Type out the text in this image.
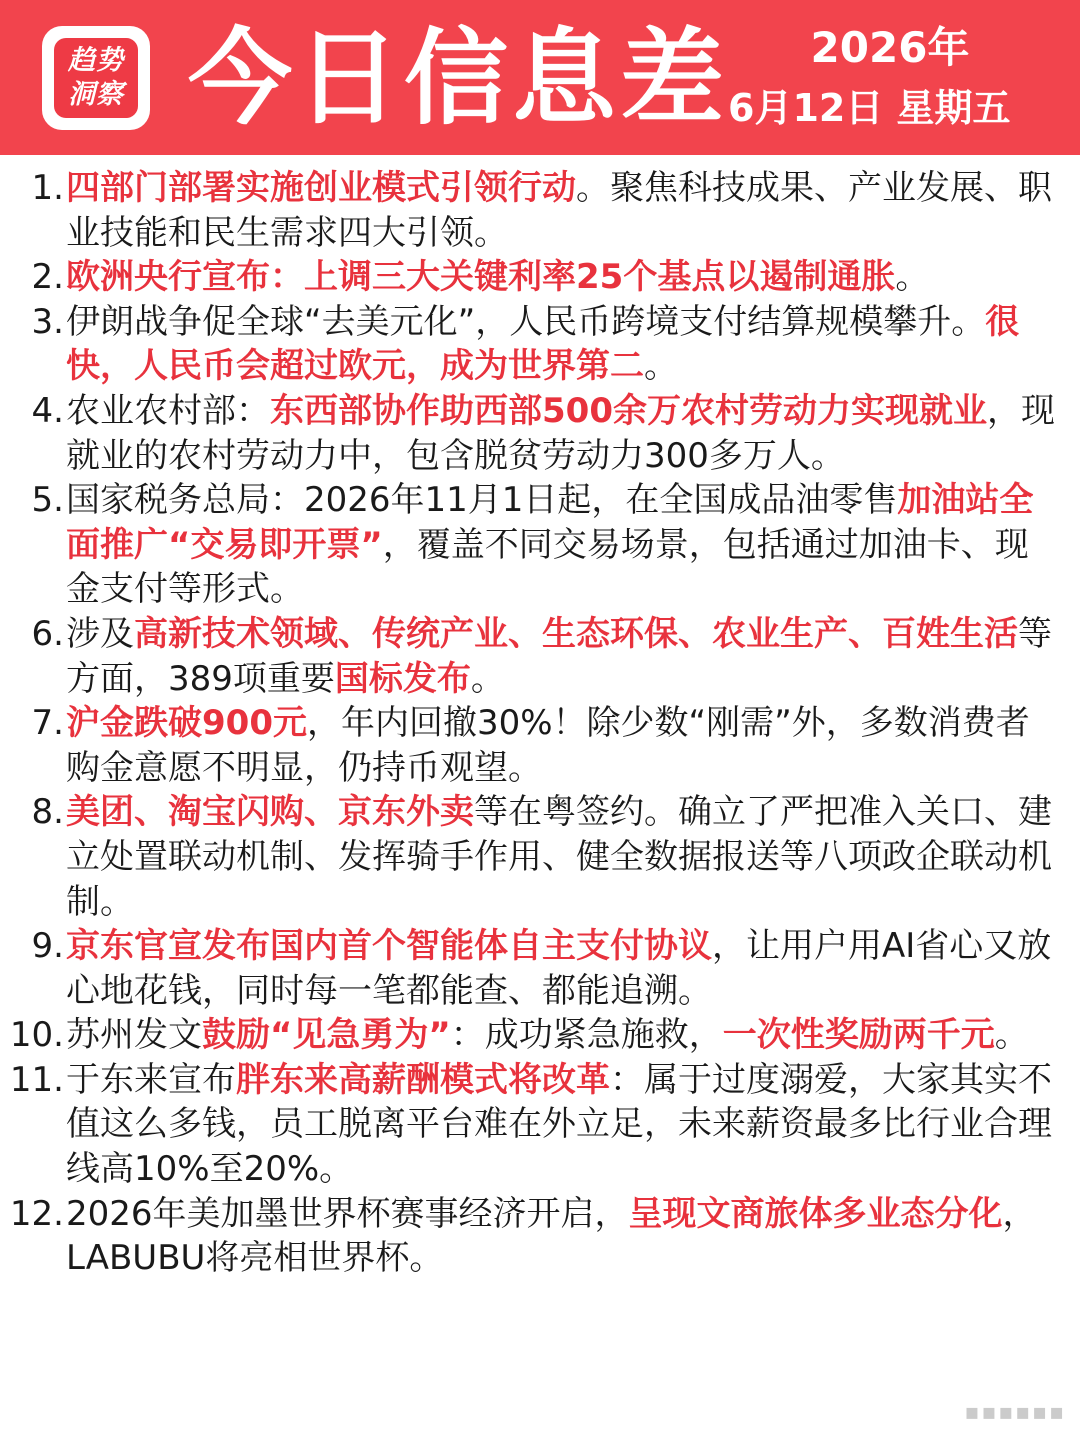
趋势
洞察 今日信息差 2026年
6月12日 星期五
1. 四部门部署实施创业模式引领行动。聚焦科技成果、产业发展、职业技能和民生需求四大引领。
2. 欧洲央行宣布：上调三大关键利率25个基点以遏制通胀。
3. 伊朗战争促全球“去美元化”，人民币跨境支付结算规模攀升。很快，人民币会超过欧元，成为世界第二。
4. 农业农村部：东西部协作助西部500余万农村劳动力实现就业，现就业的农村劳动力中，包含脱贫劳动力300多万人。
5. 国家税务总局：2026年11月1日起，在全国成品油零售加油站全面推广“交易即开票”，覆盖不同交易场景，包括通过加油卡、现金支付等形式。
6. 涉及高新技术领域、传统产业、生态环保、农业生产、百姓生活等方面，389项重要国标发布。
7. 沪金跌破900元，年内回撤30%！除少数“刚需”外，多数消费者购金意愿不明显，仍持币观望。
8. 美团、淘宝闪购、京东外卖等在粤签约。确立了严把准入关口、建立处置联动机制、发挥骑手作用、健全数据报送等八项政企联动机制。
9. 京东官宣发布国内首个智能体自主支付协议，让用户用AI省心又放心地花钱，同时每一笔都能查、都能追溯。
10. 苏州发文鼓励“见急勇为”：成功紧急施救，一次性奖励两千元。
11. 于东来宣布胖东来高薪酬模式将改革：属于过度溺爱，大家其实不值这么多钱，员工脱离平台难在外立足，未来薪资最多比行业合理线高10%至20%。
12. 2026年美加墨世界杯赛事经济开启，呈现文商旅体多业态分化，LABUBU将亮相世界杯。
▪▪▪▪▪▪
